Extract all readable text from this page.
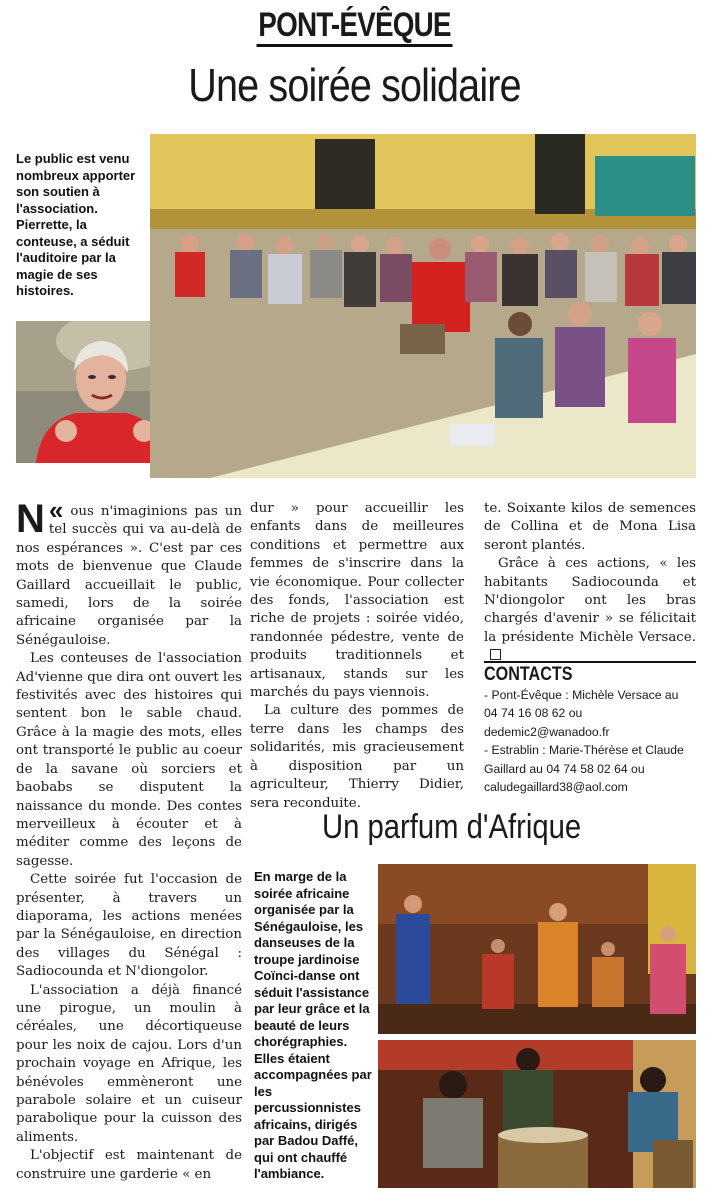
PONT-ÉVÊQUE
Une soirée solidaire
Le public est venu nombreux apporter son soutien à l'association. Pierrette, la conteuse, a séduit l'auditoire par la magie de ses histoires.

«
N ous n'imaginions pas un tel succès qui va au-delà de nos espérances ». C'est par ces mots de bienvenue que Claude Gaillard accueillait le public, samedi, lors de la soirée africaine organisée par la Sénégauloise.

Les conteuses de l'association Ad'vienne que dira ont ouvert les festivités avec des histoires qui sentent bon le sable chaud. Grâce à la magie des mots, elles ont transporté le public au coeur de la savane où sorciers et baobabs se disputent la naissance du monde. Des contes merveilleux à écouter et à méditer comme des leçons de sagesse.

Cette soirée fut l'occasion de présenter, à travers un diaporama, les actions menées par la Sénégauloise, en direction des villages du Sénégal : Sadiocounda et N'diongolor.

L'association a déjà financé une pirogue, un moulin à céréales, une décortiqueuse pour les noix de cajou. Lors d'un prochain voyage en Afrique, les bénévoles emmèneront une parabole solaire et un cuiseur parabolique pour la cuisson des aliments.

L'objectif est maintenant de construire une garderie « en

dur » pour accueillir les enfants dans de meilleures conditions et permettre aux femmes de s'inscrire dans la vie économique. Pour collecter des fonds, l'association est riche de projets : soirée vidéo, randonnée pédestre, vente de produits traditionnels et artisanaux, stands sur les marchés du pays viennois.

La culture des pommes de terre dans les champs des solidarités, mis gracieusement à disposition par un agriculteur, Thierry Didier, sera reconduite.

te. Soixante kilos de semences de Collina et de Mona Lisa seront plantés.

Grâce à ces actions, « les habitants Sadiocounda et N'diongolor ont les bras chargés d'avenir » se félicitait la présidente Michèle Versace.

CONTACTS
- Pont-Évêque : Michèle Versace au
04 74 16 08 62 ou
dedemic2@wanadoo.fr
- Estrablin : Marie-Thérèse et Claude
Gaillard au 04 74 58 02 64 ou
caludegaillard38@aol.com
Un parfum d'Afrique
En marge de la soirée africaine organisée par la Sénégauloise, les danseuses de la troupe jardinoise Coïnci-danse ont séduit l'assistance par leur grâce et la beauté de leurs chorégraphies. Elles étaient accompagnées par les percussionnistes africains, dirigés par Badou Daffé, qui ont chauffé l'ambiance.
